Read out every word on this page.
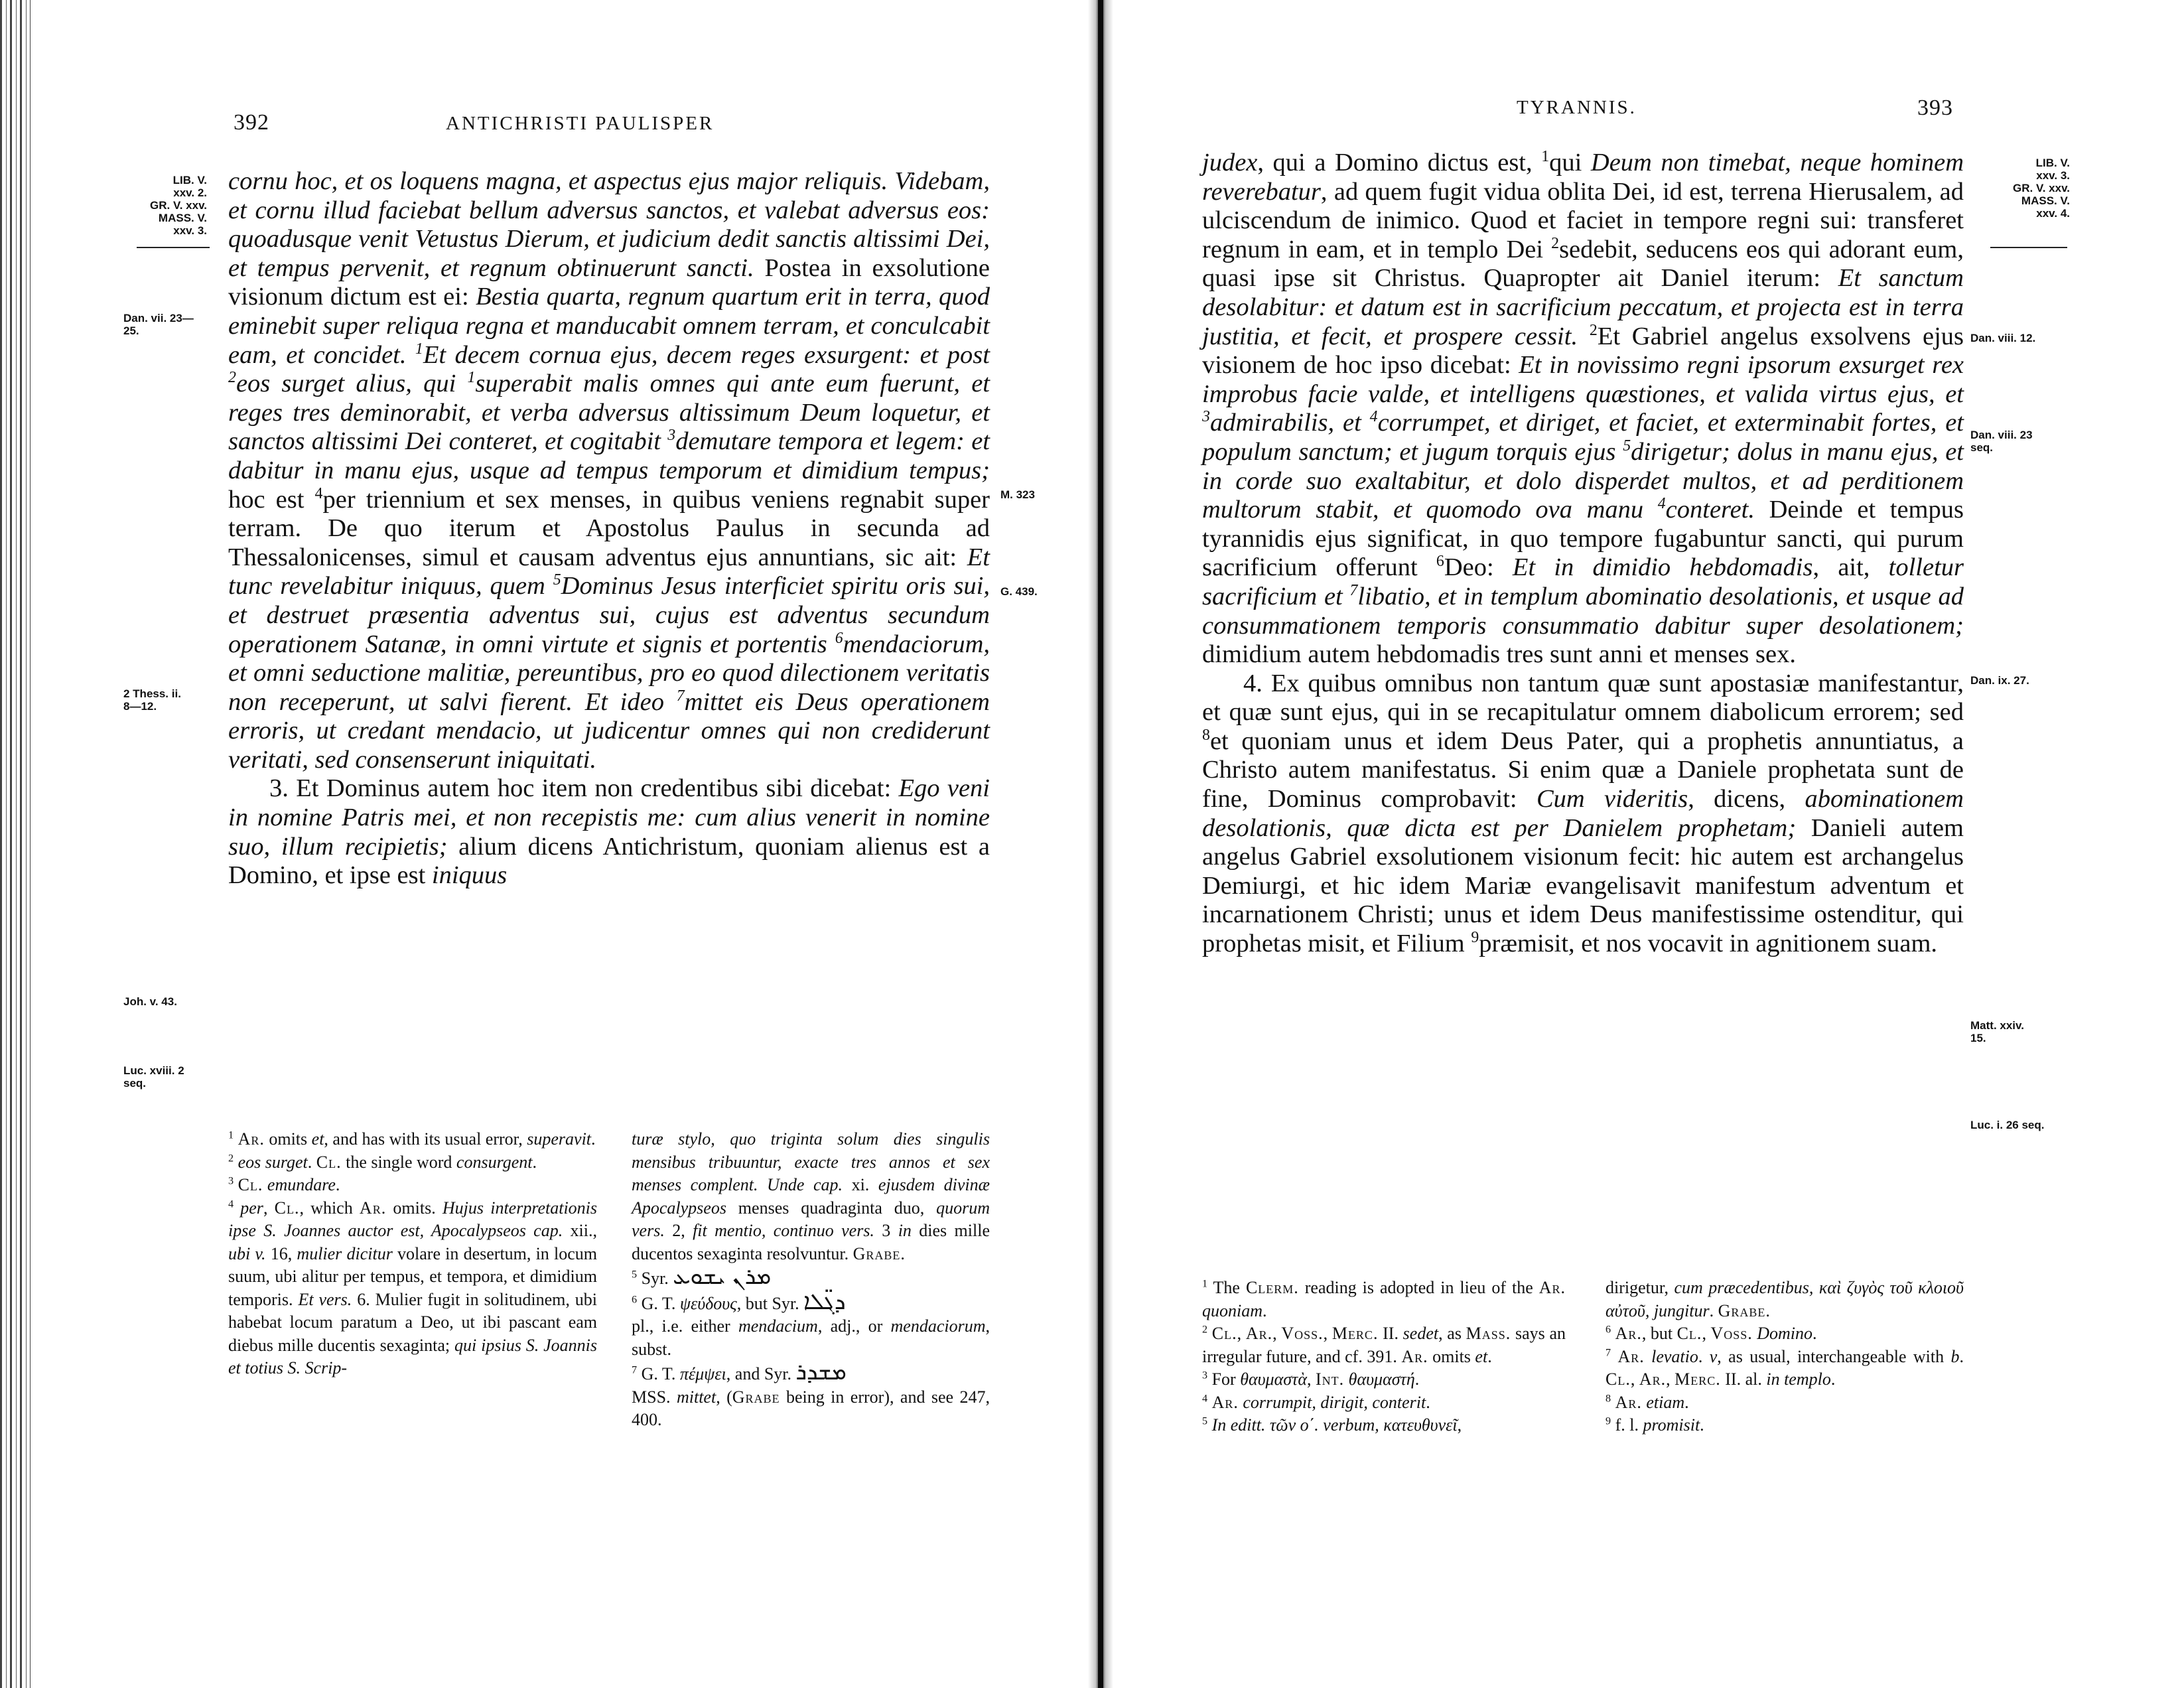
392	ANTICHRISTI PAULISPER
LIB. V.
xxv. 2.
GR. V. xxv.
MASS. V.
xxv. 3.
Dan. vii. 23—
25.
M. 323
G. 439.
2 Thess. ii.
8—12.
Joh. v. 43.
Luc. xviii. 2
seq.

cornu hoc, et os loquens magna, et aspectus ejus major reliquis. Videbam, et cornu illud faciebat bellum adversus sanctos, et valebat adversus eos: quoadusque venit Vetustus Dierum, et judicium dedit sanctis altissimi Dei, et tempus pervenit, et regnum obtinuerunt sancti. Postea in exsolutione visionum dictum est ei: Bestia quarta, regnum quartum erit in terra, quod eminebit super reliqua regna et manducabit omnem terram, et conculcabit eam, et concidet. $^1$Et decem cornua ejus, decem reges exsurgent: et post $^2$eos surget alius, qui $^1$superabit malis omnes qui ante eum fuerunt, et reges tres deminorabit, et verba adversus altissimum Deum loquetur, et sanctos altissimi Dei conteret, et cogitabit $^3$demutare tempora et legem: et dabitur in manu ejus, usque ad tempus temporum et dimidium tempus; hoc est $^4$per triennium et sex menses, in quibus veniens regnabit super terram. De quo iterum et Apostolus Paulus in secunda ad Thessalonicenses, simul et causam adventus ejus annuntians, sic ait: Et tunc revelabitur iniquus, quem $^5$Dominus Jesus interficiet spiritu oris sui, et destruet præsentia adventus sui, cujus est adventus secundum operationem Satanæ, in omni virtute et signis et portentis $^6$mendaciorum, et omni seductione malitiæ, pereuntibus, pro eo quod dilectionem veritatis non receperunt, ut salvi fierent. Et ideo $^7$mittet eis Deus operationem erroris, ut credant mendacio, ut judicentur omnes qui non crediderunt veritati, sed consenserunt iniquitati.

3. Et Dominus autem hoc item non credentibus sibi dicebat: Ego veni in nomine Patris mei, et non recepistis me: cum alius venerit in nomine suo, illum recipietis; alium dicens Antichristum, quoniam alienus est a Domino, et ipse est iniquus

$^1$ Ar. omits et, and has with its usual error, superavit.

$^2$ eos surget. Cl. the single word consurgent.

$^3$ Cl. emundare.

$^4$ per, Cl., which Ar. omits. Hujus interpretationis ipse S. Joannes auctor est, Apocalypseos cap. xii., ubi v. 16, mulier dicitur volare in desertum, in locum suum, ubi alitur per tempus, et tempora, et dimidium temporis. Et vers. 6. Mulier fugit in solitudinem, ubi habebat locum paratum a Deo, ut ibi pascant eam diebus mille ducentis sexaginta; qui ipsius S. Joannis et totius S. Scrip-

turæ stylo, quo triginta solum dies singulis mensibus tribuuntur, exacte tres annos et sex menses complent. Unde cap. xi. ejusdem divinæ Apocalypseos menses quadraginta duo, quorum vers. 2, fit mentio, continuo vers. 3 in dies mille ducentos sexaginta resolvuntur. Grabe.

$^5$ Syr. ܡܪܢ ܝܫܘܥ

$^6$ G. T. ψεύδους, but Syr. ܕܓ̈ܠܐ

pl., i.e. either mendacium, adj., or mendaciorum, subst.

$^7$ G. T. πέμψει, and Syr. ܡܫܕܪ

MSS. mittet, (Grabe being in error), and see 247, 400.

TYRANNIS.	393
LIB. V.
xxv. 3.
GR. V. xxv.
MASS. V.
xxv. 4.
Dan. viii. 12.
Dan. viii. 23
seq.
Dan. ix. 27.
Matt. xxiv.
15.
Luc. i. 26 seq.

judex, qui a Domino dictus est, $^1$qui Deum non timebat, neque hominem reverebatur, ad quem fugit vidua oblita Dei, id est, terrena Hierusalem, ad ulciscendum de inimico. Quod et faciet in tempore regni sui: transferet regnum in eam, et in templo Dei $^2$sedebit, seducens eos qui adorant eum, quasi ipse sit Christus. Quapropter ait Daniel iterum: Et sanctum desolabitur: et datum est in sacrificium peccatum, et projecta est in terra justitia, et fecit, et prospere cessit. $^2$Et Gabriel angelus exsolvens ejus visionem de hoc ipso dicebat: Et in novissimo regni ipsorum exsurget rex improbus facie valde, et intelligens quæstiones, et valida virtus ejus, et $^3$admirabilis, et $^4$corrumpet, et diriget, et faciet, et exterminabit fortes, et populum sanctum; et jugum torquis ejus $^5$dirigetur; dolus in manu ejus, et in corde suo exaltabitur, et dolo disperdet multos, et ad perditionem multorum stabit, et quomodo ova manu $^4$conteret. Deinde et tempus tyrannidis ejus significat, in quo tempore fugabuntur sancti, qui purum sacrificium offerunt $^6$Deo: Et in dimidio hebdomadis, ait, tolletur sacrificium et $^7$libatio, et in templum abominatio desolationis, et usque ad consummationem temporis consummatio dabitur super desolationem; dimidium autem hebdomadis tres sunt anni et menses sex.

4. Ex quibus omnibus non tantum quæ sunt apostasiæ manifestantur, et quæ sunt ejus, qui in se recapitulatur omnem diabolicum errorem; sed $^8$et quoniam unus et idem Deus Pater, qui a prophetis annuntiatus, a Christo autem manifestatus. Si enim quæ a Daniele prophetata sunt de fine, Dominus comprobavit: Cum videritis, dicens, abominationem desolationis, quæ dicta est per Danielem prophetam; Danieli autem angelus Gabriel exsolutionem visionum fecit: hic autem est archangelus Demiurgi, et hic idem Mariæ evangelisavit manifestum adventum et incarnationem Christi; unus et idem Deus manifestissime ostenditur, qui prophetas misit, et Filium $^9$præmisit, et nos vocavit in agnitionem suam.

$^1$ The Clerm. reading is adopted in lieu of the Ar. quoniam.

$^2$ Cl., Ar., Voss., Merc. II. sedet, as Mass. says an irregular future, and cf. 391. Ar. omits et.

$^3$ For θαυμαστὰ, Int. θαυμαστή.

$^4$ Ar. corrumpit, dirigit, conterit.

$^5$ In editt. τῶν ο΄. verbum, κατευθυνεῖ,

dirigetur, cum præcedentibus, καὶ ζυγὸς τοῦ κλοιοῦ αὐτοῦ, jungitur. Grabe.

$^6$ Ar., but Cl., Voss. Domino.

$^7$ Ar. levatio. v, as usual, interchangeable with b. Cl., Ar., Merc. II. al. in templo.

$^8$ Ar. etiam.

$^9$ f. l. promisit.
